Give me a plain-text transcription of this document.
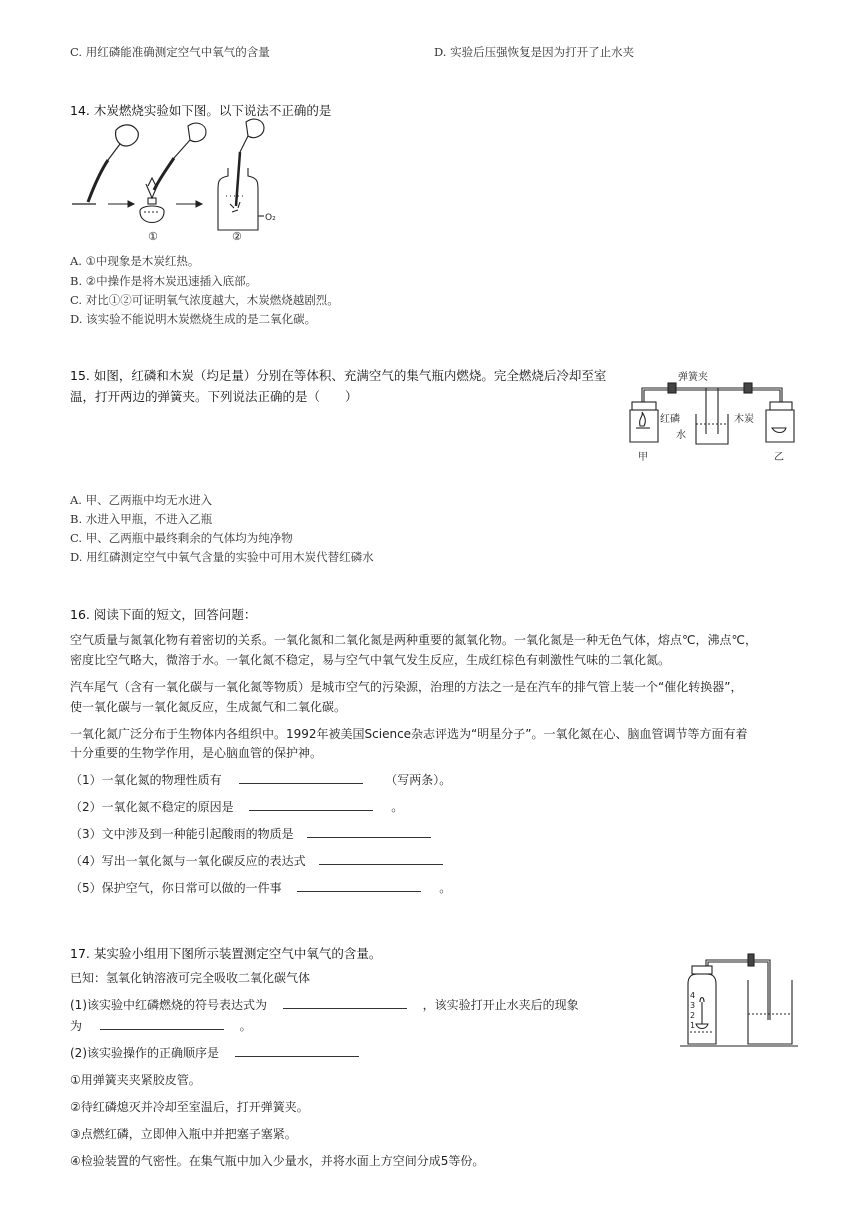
C. 用红磷能准确测定空气中氧气的含量	D. 实验后压强恢复是因为打开了止水夹
14. 木炭燃烧实验如下图。以下说法不正确的是
①	②
O₂
A. ①中现象是木炭红热。
B. ②中操作是将木炭迅速插入底部。
C. 对比①②可证明氧气浓度越大，木炭燃烧越剧烈。
D. 该实验不能说明木炭燃烧生成的是二氧化碳。
15. 如图，红磷和木炭（均足量）分别在等体积、充满空气的集气瓶内燃烧。完全燃烧后冷却至室
温，打开两边的弹簧夹。下列说法正确的是（　　）
弹簧夹
红磷
水
木炭
甲	乙
A. 甲、乙两瓶中均无水进入
B. 水进入甲瓶，不进入乙瓶
C. 甲、乙两瓶中最终剩余的气体均为纯净物
D. 用红磷测定空气中氧气含量的实验中可用木炭代替红磷水
16. 阅读下面的短文，回答问题：
空气质量与氮氧化物有着密切的关系。一氧化氮和二氧化氮是两种重要的氮氧化物。一氧化氮是一种无色气体，熔点℃，沸点℃，
密度比空气略大，微溶于水。一氧化氮不稳定，易与空气中氧气发生反应，生成红棕色有刺激性气味的二氧化氮。
汽车尾气（含有一氧化碳与一氧化氮等物质）是城市空气的污染源，治理的方法之一是在汽车的排气管上装一个“催化转换器”，
使一氧化碳与一氧化氮反应，生成氮气和二氧化碳。
一氧化氮广泛分布于生物体内各组织中。1992年被美国Science杂志评选为“明星分子”。一氧化氮在心、脑血管调节等方面有着
十分重要的生物学作用，是心脑血管的保护神。
（1）一氧化氮的物理性质有	（写两条）。
（2）一氧化氮不稳定的原因是	。
（3）文中涉及到一种能引起酸雨的物质是
（4）写出一氧化氮与一氧化碳反应的表达式
（5）保护空气，你日常可以做的一件事	。
17. 某实验小组用下图所示装置测定空气中氧气的含量。
已知：氢氧化钠溶液可完全吸收二氧化碳气体
(1)该实验中红磷燃烧的符号表达式为	，该实验打开止水夹后的现象
为	。
(2)该实验操作的正确顺序是
①用弹簧夹夹紧胶皮管。
②待红磷熄灭并冷却至室温后，打开弹簧夹。
③点燃红磷，立即伸入瓶中并把塞子塞紧。
④检验装置的气密性。在集气瓶中加入少量水，并将水面上方空间分成5等份。
4
3
2
1
